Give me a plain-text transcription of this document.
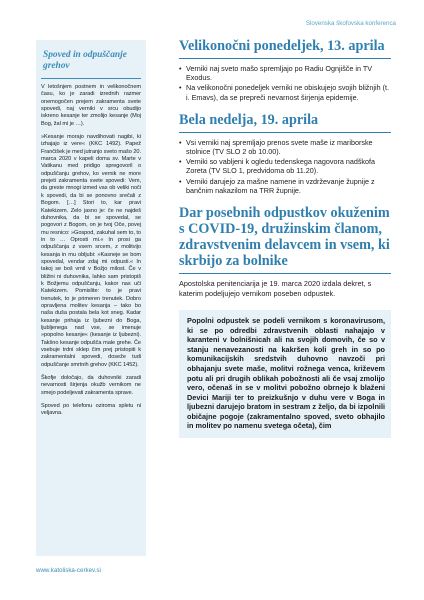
Slovenska škofovska konferenca
Spoved in odpuščanje grehov

V letošnjem postnem in velikonočnem času, ko je zaradi izrednih razmer onemogočen prejem zakramenta svete spovedi, naj verniki v srcu obudijo iskreno kesanje ter zmolijo kesanje (Moj Bog, žal mi je …).

»Kesanje morajo navdihovati nagibi, ki izhajajo iz vere« (KKC 1492). Papež Frančišek je med jutranjo sveto mašo 20. marca 2020 v kapeli doma sv. Marte v Vatikanu med pridigo spregovoril o odpuščanju grehov, ko vernik ne more prejeti zakramenta svete spovedi: Vem, da greste mnogi izmed vas ob veliki noči k spovedi, da bi se ponovno srečali z Bogom. […] Stori to, kar pravi Katekizem. Zelo jasno je: če ne najdeš duhovnika, da bi se spovedal, se pogovori z Bogom, on je tvoj Oče, povej mu resnico: »Gospod, zakuhal sem to, to in to … Oprosti mi.« In prosi ga odpuščanja z vsem srcem, z molitvijo kesanja in mu obljubi: »Kasneje se bom spovedal, vendar zdaj mi odpusti.« In takoj se boš vrnil v Božjo milost. Če v bližini ni duhovnika, lahko sam pristopiš k Božjemu odpuščanju, kakor nas uči Katekizem. Pomislite: to je pravi trenutek, to je primeren trenutek. Dobro opravljena molitev kesanja – tako bo naša duša postala bela kot sneg. Kadar kesanje prihaja iz ljubezni do Boga, ljubljenega nad vse, se imenuje »popolno kesanje« (kesanje iz ljubezni). Takšno kesanje odpušča male grehe. Če vsebuje trdni sklep čim prej pristopiti k zakramentalni spovedi, doseže tudi odpuščanje smrtnih grehov (KKC 1452).

Škofje določajo, da duhovniki zaradi nevarnosti širjenja okužb vernikom ne smejo podeljevati zakramenta sprave.

Spoved po telefonu oziroma spletu ni veljavna.

www.katoliska-cerkev.si
Velikonočni ponedeljek, 13. aprila
• Verniki naj sveto mašo spremljajo po Radiu Ognjišče in TV Exodus.
• Na velikonočni ponedeljek verniki ne obiskujejo svojih bližnjih (t. i. Emavs), da se prepreči nevarnost širjenja epidemije.
Bela nedelja, 19. aprila
• Vsi verniki naj spremljajo prenos svete maše iz mariborske stolnice (TV SLO 2 ob 10.00).
• Verniki so vabljeni k ogledu tedenskega nagovora nadškofa Zoreta (TV SLO 1, predvidoma ob 11.20).
• Verniki darujejo za mašne namene in vzdrževanje župnije z bančnim nakazilom na TRR župnije.
Dar posebnih odpustkov okuženim s COVID-19, družinskim članom, zdravstvenim delavcem in vsem, ki skrbijo za bolnike

Apostolska penitenciarija je 19. marca 2020 izdala dekret, s katerim podeljujejo vernikom poseben odpustek.

Popolni odpustek se podeli vernikom s koronavirusom, ki se po odredbi zdravstvenih oblasti nahajajo v karanteni v bolnišnicah ali na svojih domovih, če so v stanju nenavezanosti na kakršen koli greh in so po komunikacijskih sredstvih duhovno navzoči pri obhajanju svete maše, molitvi rožnega venca, križevem potu ali pri drugih oblikah pobožnosti ali če vsaj zmolijo vero, očenaš in se v molitvi pobožno obrnejo k blaženi Devici Mariji ter to preizkušnjo v duhu vere v Boga in ljubezni darujejo bratom in sestram z željo, da bi izpolnili običajne pogoje (zakramentalno spoved, sveto obhajilo in molitev po namenu svetega očeta), čim
